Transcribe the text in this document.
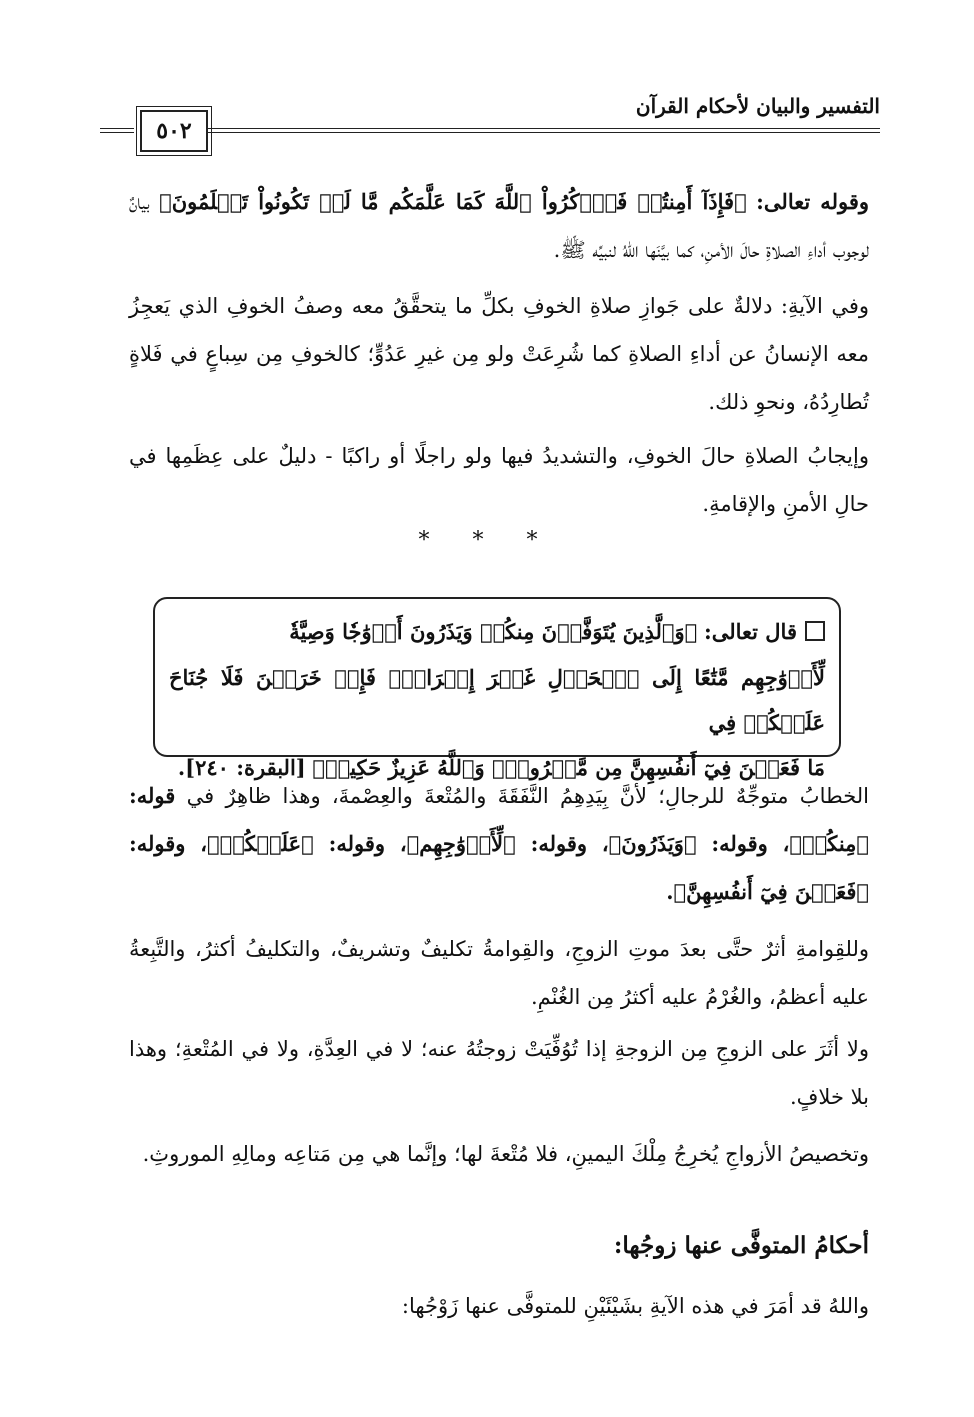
التفسير والبيان لأحكام القرآن
٥٠٢
وقوله تعالى: ﴿فَإِذَآ أَمِنتُمۡ فَٱذۡكُرُواْ ٱللَّهَ كَمَا عَلَّمَكُم مَّا لَمۡ تَكُونُواْ تَعۡلَمُونَ﴾ بيانٌ لوجوب أداءِ الصلاةِ حالَ الأمنِ، كما بيَّنَها اللهُ لنبيِّه ﷺ.
وفي الآيةِ: دلالةٌ على جَوازِ صلاةِ الخوفِ بكلِّ ما يتحقَّقُ معه وصفُ الخوفِ الذي يَعجِزُ معه الإنسانُ عن أداءِ الصلاةِ كما شُرِعَتْ ولو مِن غيرِ عَدُوٍّ؛ كالخوفِ مِن سِباعٍ في فَلاةٍ تُطارِدُهُ، ونحوِ ذلك.
وإيجابُ الصلاةِ حالَ الخوفِ، والتشديدُ فيها ولو راجلًا أو راكبًا - دليلٌ على عِظَمِها في حالِ الأمنِ والإقامةِ.
* * *
قال تعالى: ﴿وَٱلَّذِينَ يُتَوَفَّوۡنَ مِنكُمۡ وَيَذَرُونَ أَزۡوَٰجٗا وَصِيَّةٗ
لِّأَزۡوَٰجِهِم مَّتَٰعًا إِلَى ٱلۡحَوۡلِ غَيۡرَ إِخۡرَاجٖۚ فَإِنۡ خَرَجۡنَ فَلَا جُنَاحَ عَلَيۡكُمۡ فِي
مَا فَعَلۡنَ فِيٓ أَنفُسِهِنَّ مِن مَّعۡرُوفٖۗ وَٱللَّهُ عَزِيزٌ حَكِيمٞ﴾ [البقرة: ٢٤٠].
الخطابُ متوجِّهٌ للرجالِ؛ لأنَّ بِيَدِهِمُ النَّفَقَةَ والمُتْعةَ والعِصْمةَ، وهذا ظاهِرٌ في قوله: ﴿مِنكُمۡ﴾، وقوله: ﴿وَيَذَرُونَ﴾، وقوله: ﴿لِّأَزۡوَٰجِهِم﴾، وقوله: ﴿عَلَيۡكُمۡ﴾، وقوله: ﴿فَعَلۡنَ فِيٓ أَنفُسِهِنَّ﴾.
وللقِوامةِ أثرٌ حتَّى بعدَ موتِ الزوجِ، والقِوامةُ تكليفٌ وتشريفٌ، والتكليفُ أكثرُ، والتَّبِعةُ عليه أعظمُ، والغُرْمُ عليه أكثرُ مِن الغُنْمِ.
ولا أثَرَ على الزوجِ مِن الزوجةِ إذا تُوُفِّيَتْ زوجتُهُ عنه؛ لا في العِدَّةِ، ولا في المُتْعةِ؛ وهذا بلا خلافٍ.
وتخصيصُ الأزواجِ يُخرِجُ مِلْكَ اليمينِ، فلا مُتْعةَ لها؛ وإنَّما هي مِن مَتاعِه ومالِهِ الموروثِ.
أحكامُ المتوفَّى عنها زوجُها:
واللهُ قد أمَرَ في هذه الآيةِ بشَيْئَيْنِ للمتوفَّى عنها زَوْجُها:
